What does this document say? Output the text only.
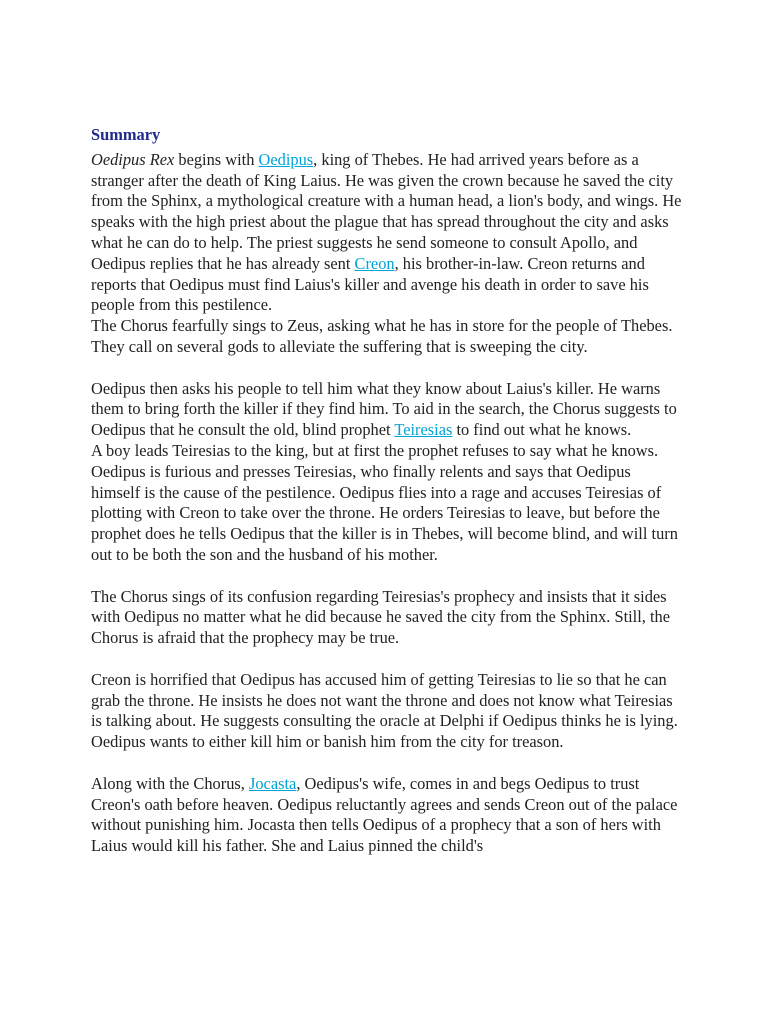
Summary

Oedipus Rex begins with Oedipus, king of Thebes. He had arrived years before as a stranger after the death of King Laius. He was given the crown because he saved the city from the Sphinx, a mythological creature with a human head, a lion's body, and wings. He speaks with the high priest about the plague that has spread throughout the city and asks what he can do to help. The priest suggests he send someone to consult Apollo, and Oedipus replies that he has already sent Creon, his brother-in-law. Creon returns and reports that Oedipus must find Laius's killer and avenge his death in order to save his people from this pestilence.

The Chorus fearfully sings to Zeus, asking what he has in store for the people of Thebes. They call on several gods to alleviate the suffering that is sweeping the city.

Oedipus then asks his people to tell him what they know about Laius's killer. He warns them to bring forth the killer if they find him. To aid in the search, the Chorus suggests to Oedipus that he consult the old, blind prophet Teiresias to find out what he knows.

A boy leads Teiresias to the king, but at first the prophet refuses to say what he knows. Oedipus is furious and presses Teiresias, who finally relents and says that Oedipus himself is the cause of the pestilence. Oedipus flies into a rage and accuses Teiresias of plotting with Creon to take over the throne. He orders Teiresias to leave, but before the prophet does he tells Oedipus that the killer is in Thebes, will become blind, and will turn out to be both the son and the husband of his mother.

The Chorus sings of its confusion regarding Teiresias's prophecy and insists that it sides with Oedipus no matter what he did because he saved the city from the Sphinx. Still, the Chorus is afraid that the prophecy may be true.

Creon is horrified that Oedipus has accused him of getting Teiresias to lie so that he can grab the throne. He insists he does not want the throne and does not know what Teiresias is talking about. He suggests consulting the oracle at Delphi if Oedipus thinks he is lying. Oedipus wants to either kill him or banish him from the city for treason.

Along with the Chorus, Jocasta, Oedipus's wife, comes in and begs Oedipus to trust Creon's oath before heaven. Oedipus reluctantly agrees and sends Creon out of the palace without punishing him. Jocasta then tells Oedipus of a prophecy that a son of hers with Laius would kill his father. She and Laius pinned the child's
